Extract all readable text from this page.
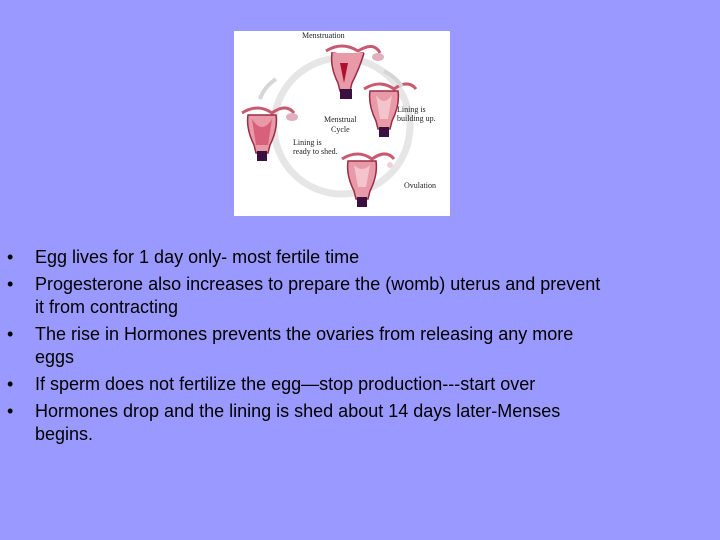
Menstruation
Menstrual
Cycle
Lining is
building up.
Lining is
ready to shed.
Ovulation
• Egg lives for 1 day only- most fertile time
• Progesterone also increases to prepare the (womb) uterus and prevent it from contracting
• The rise in Hormones prevents the ovaries from releasing any more eggs
• If sperm does not fertilize the egg—stop production---start over
• Hormones drop and the lining is shed about 14 days later-Menses begins.
